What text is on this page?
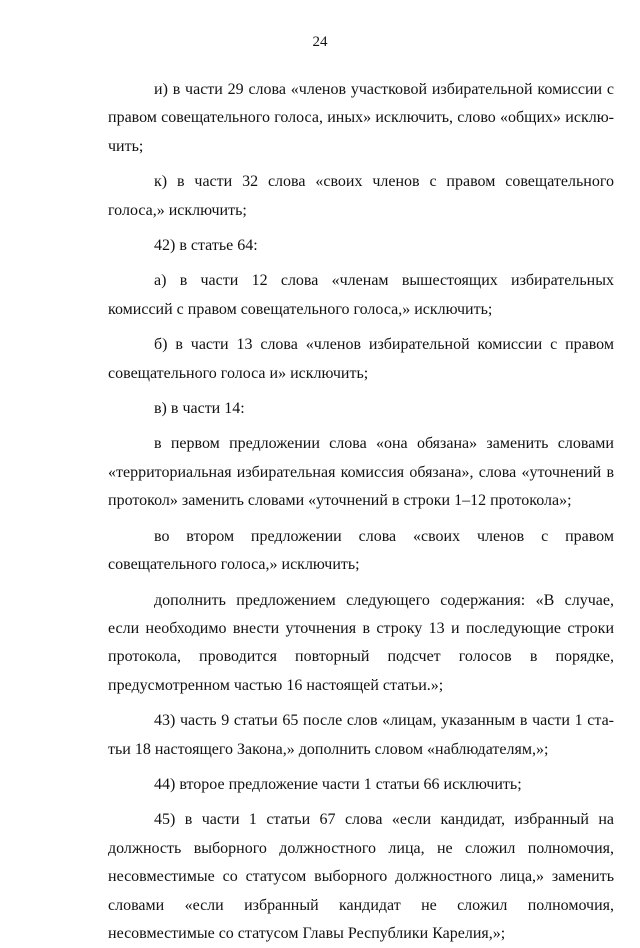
24

и) в части 29 слова «членов участковой избирательной комиссии с правом совещательного голоса, иных» исключить, слово «общих» исключить;

к) в части 32 слова «своих членов с правом совещательного голоса,» исключить;

42) в статье 64:

а) в части 12 слова «членам вышестоящих избирательных комиссий с правом совещательного голоса,» исключить;

б) в части 13 слова «членов избирательной комиссии с правом совещательного голоса и» исключить;

в) в части 14:

в первом предложении слова «она обязана» заменить словами «территориальная избирательная комиссия обязана», слова «уточнений в протокол» заменить словами «уточнений в строки 1–12 протокола»;

во втором предложении слова «своих членов с правом совещательного голоса,» исключить;

дополнить предложением следующего содержания: «В случае, если необходимо внести уточнения в строку 13 и последующие строки протокола, проводится повторный подсчет голосов в порядке, предусмотренном частью 16 настоящей статьи.»;

43) часть 9 статьи 65 после слов «лицам, указанным в части 1 статьи 18 настоящего Закона,» дополнить словом «наблюдателям,»;

44) второе предложение части 1 статьи 66 исключить;

45) в части 1 статьи 67 слова «если кандидат, избранный на должность выборного должностного лица, не сложил полномочия, несовместимые со статусом выборного должностного лица,» заменить словами «если избранный кандидат не сложил полномочия, несовместимые со статусом Главы Республики Карелия,»;
